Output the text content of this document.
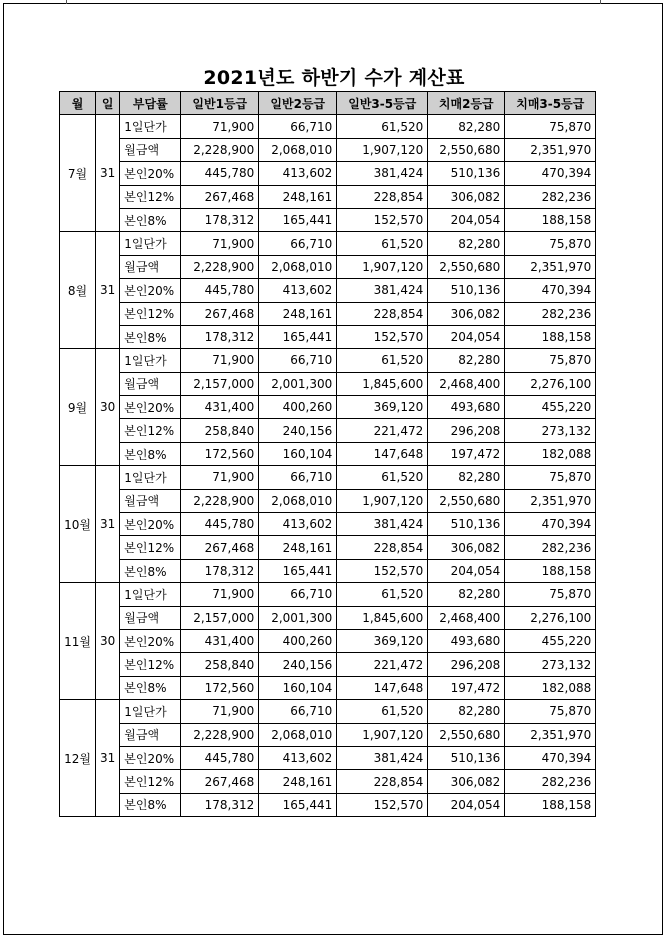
2021년도 하반기 수가 계산표
월	일	부담률	일반1등급	일반2등급	일반3-5등급	치매2등급	치매3-5등급
7월	31	1일단가	71,900	66,710	61,520	82,280	75,870
		월금액	2,228,900	2,068,010	1,907,120	2,550,680	2,351,970
		본인20%	445,780	413,602	381,424	510,136	470,394
		본인12%	267,468	248,161	228,854	306,082	282,236
		본인8%	178,312	165,441	152,570	204,054	188,158
8월	31	1일단가	71,900	66,710	61,520	82,280	75,870
		월금액	2,228,900	2,068,010	1,907,120	2,550,680	2,351,970
		본인20%	445,780	413,602	381,424	510,136	470,394
		본인12%	267,468	248,161	228,854	306,082	282,236
		본인8%	178,312	165,441	152,570	204,054	188,158
9월	30	1일단가	71,900	66,710	61,520	82,280	75,870
		월금액	2,157,000	2,001,300	1,845,600	2,468,400	2,276,100
		본인20%	431,400	400,260	369,120	493,680	455,220
		본인12%	258,840	240,156	221,472	296,208	273,132
		본인8%	172,560	160,104	147,648	197,472	182,088
10월	31	1일단가	71,900	66,710	61,520	82,280	75,870
		월금액	2,228,900	2,068,010	1,907,120	2,550,680	2,351,970
		본인20%	445,780	413,602	381,424	510,136	470,394
		본인12%	267,468	248,161	228,854	306,082	282,236
		본인8%	178,312	165,441	152,570	204,054	188,158
11월	30	1일단가	71,900	66,710	61,520	82,280	75,870
		월금액	2,157,000	2,001,300	1,845,600	2,468,400	2,276,100
		본인20%	431,400	400,260	369,120	493,680	455,220
		본인12%	258,840	240,156	221,472	296,208	273,132
		본인8%	172,560	160,104	147,648	197,472	182,088
12월	31	1일단가	71,900	66,710	61,520	82,280	75,870
		월금액	2,228,900	2,068,010	1,907,120	2,550,680	2,351,970
		본인20%	445,780	413,602	381,424	510,136	470,394
		본인12%	267,468	248,161	228,854	306,082	282,236
		본인8%	178,312	165,441	152,570	204,054	188,158
